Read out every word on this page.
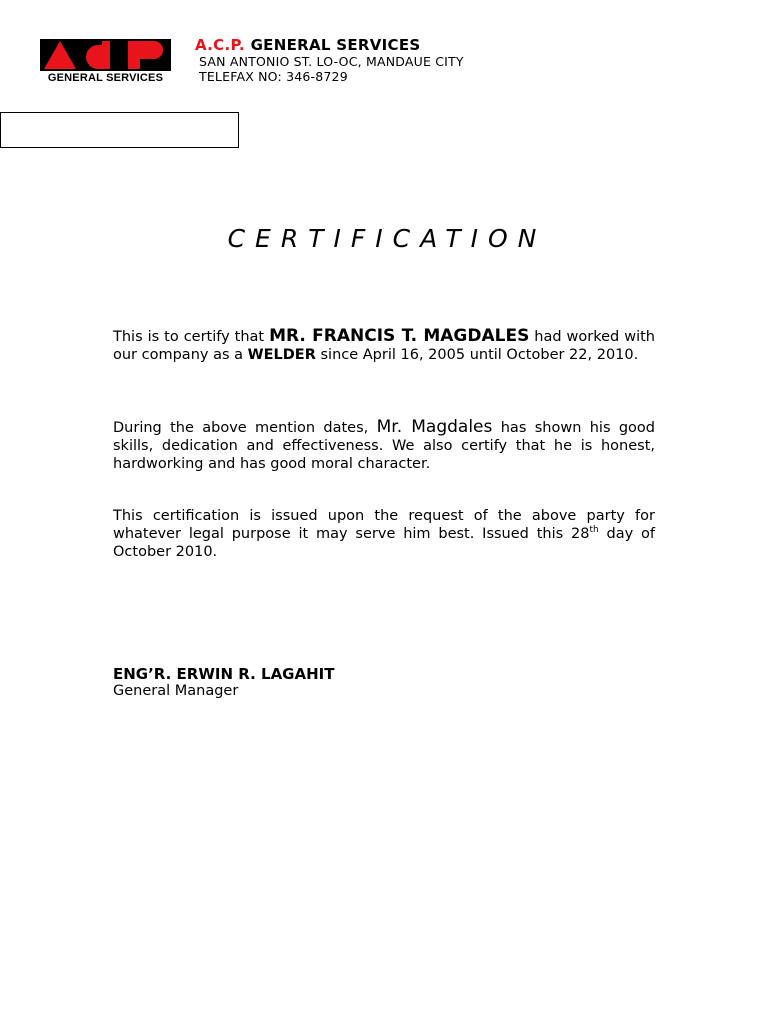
GENERAL SERVICES
A.C.P. GENERAL SERVICES
SAN ANTONIO ST. LO-OC, MANDAUE CITY
TELEFAX NO: 346-8729
CERTIFICATION
This is to certify that MR. FRANCIS T. MAGDALES had worked with our company as a WELDER since April 16, 2005 until October 22, 2010.
During the above mention dates, Mr. Magdales has shown his good skills, dedication and effectiveness. We also certify that he is honest, hardworking and has good moral character.
This certification is issued upon the request of the above party for whatever legal purpose it may serve him best. Issued this 28th day of October 2010.
ENG’R. ERWIN R. LAGAHIT
General Manager
